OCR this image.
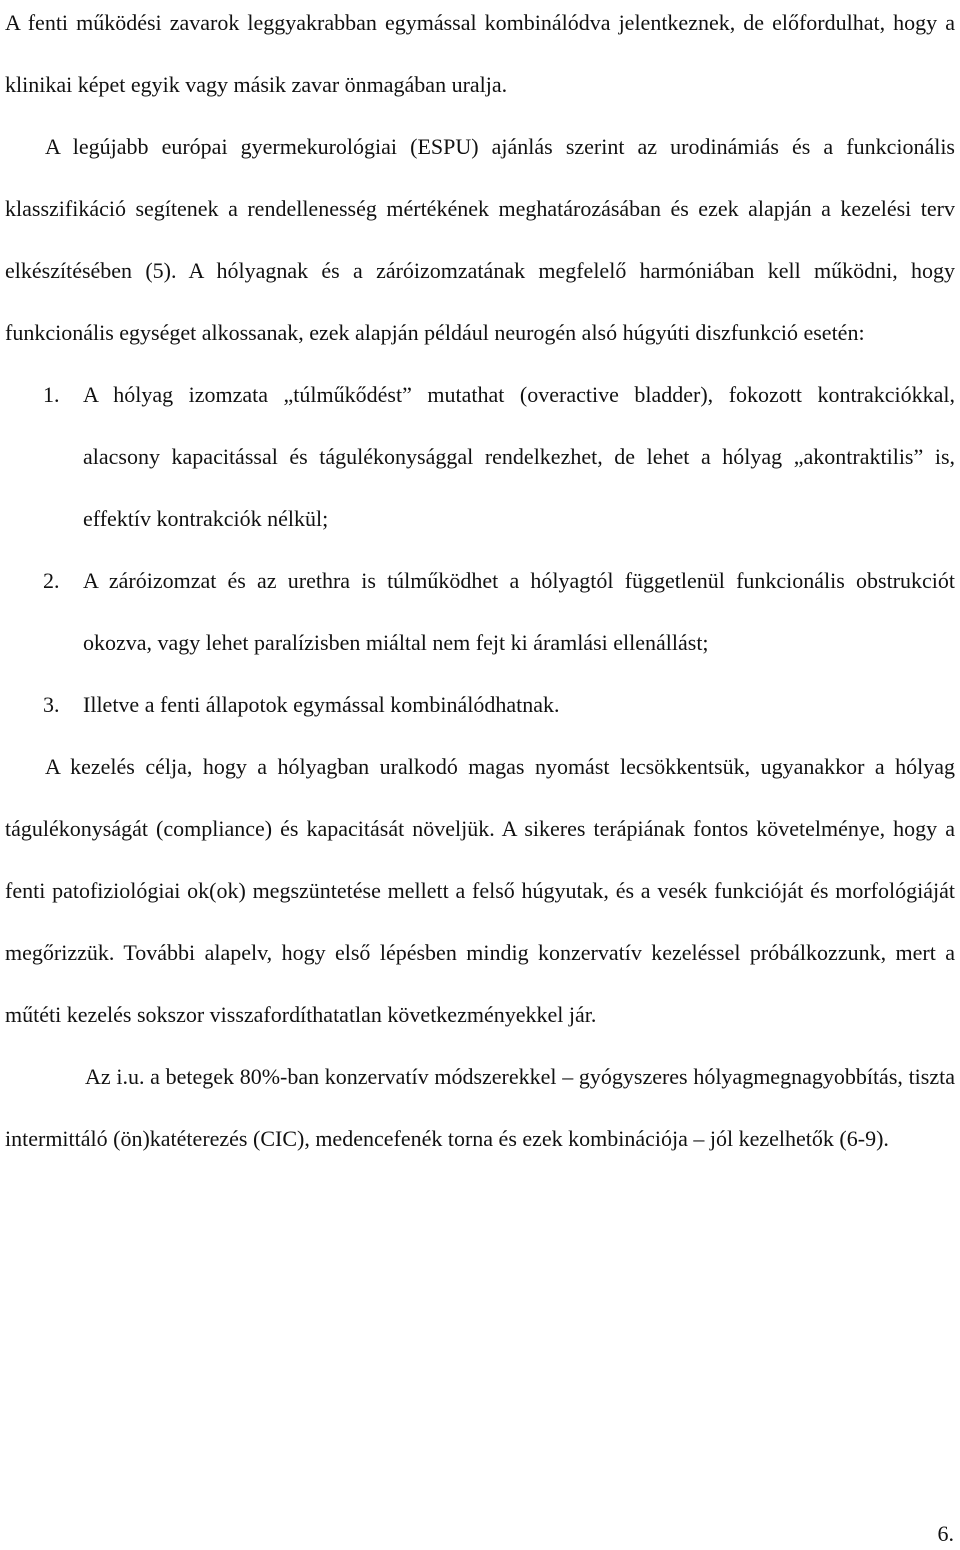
A fenti működési zavarok leggyakrabban egymással kombinálódva jelentkeznek, de előfordulhat, hogy a klinikai képet egyik vagy másik zavar önmagában uralja.

A legújabb európai gyermekurológiai (ESPU) ajánlás szerint az urodinámiás és a funkcionális klasszifikáció segítenek a rendellenesség mértékének meghatározásában és ezek alapján a kezelési terv elkészítésében (5). A hólyagnak és a záróizomzatának megfelelő harmóniában kell működni, hogy funkcionális egységet alkossanak, ezek alapján például neurogén alsó húgyúti diszfunkció esetén:

1. A hólyag izomzata „túlműkődést” mutathat (overactive bladder), fokozott kontrakciókkal, alacsony kapacitással és tágulékonysággal rendelkezhet, de lehet a hólyag „akontraktilis” is, effektív kontrakciók nélkül;
2. A záróizomzat és az urethra is túlműködhet a hólyagtól függetlenül funkcionális obstrukciót okozva, vagy lehet paralízisben miáltal nem fejt ki áramlási ellenállást;
3. Illetve a fenti állapotok egymással kombinálódhatnak.

A kezelés célja, hogy a hólyagban uralkodó magas nyomást lecsökkentsük, ugyanakkor a hólyag tágulékonyságát (compliance) és kapacitását növeljük. A sikeres terápiának fontos követelménye, hogy a fenti patofiziológiai ok(ok) megszüntetése mellett a felső húgyutak, és a vesék funkcióját és morfológiáját megőrizzük. További alapelv, hogy első lépésben mindig konzervatív kezeléssel próbálkozzunk, mert a műtéti kezelés sokszor visszafordíthatatlan következményekkel jár.

Az i.u. a betegek 80%-ban konzervatív módszerekkel – gyógyszeres hólyagmegnagyobbítás, tiszta intermittáló (ön)katéterezés (CIC), medencefenék torna és ezek kombinációja – jól kezelhetők (6-9).

6.
